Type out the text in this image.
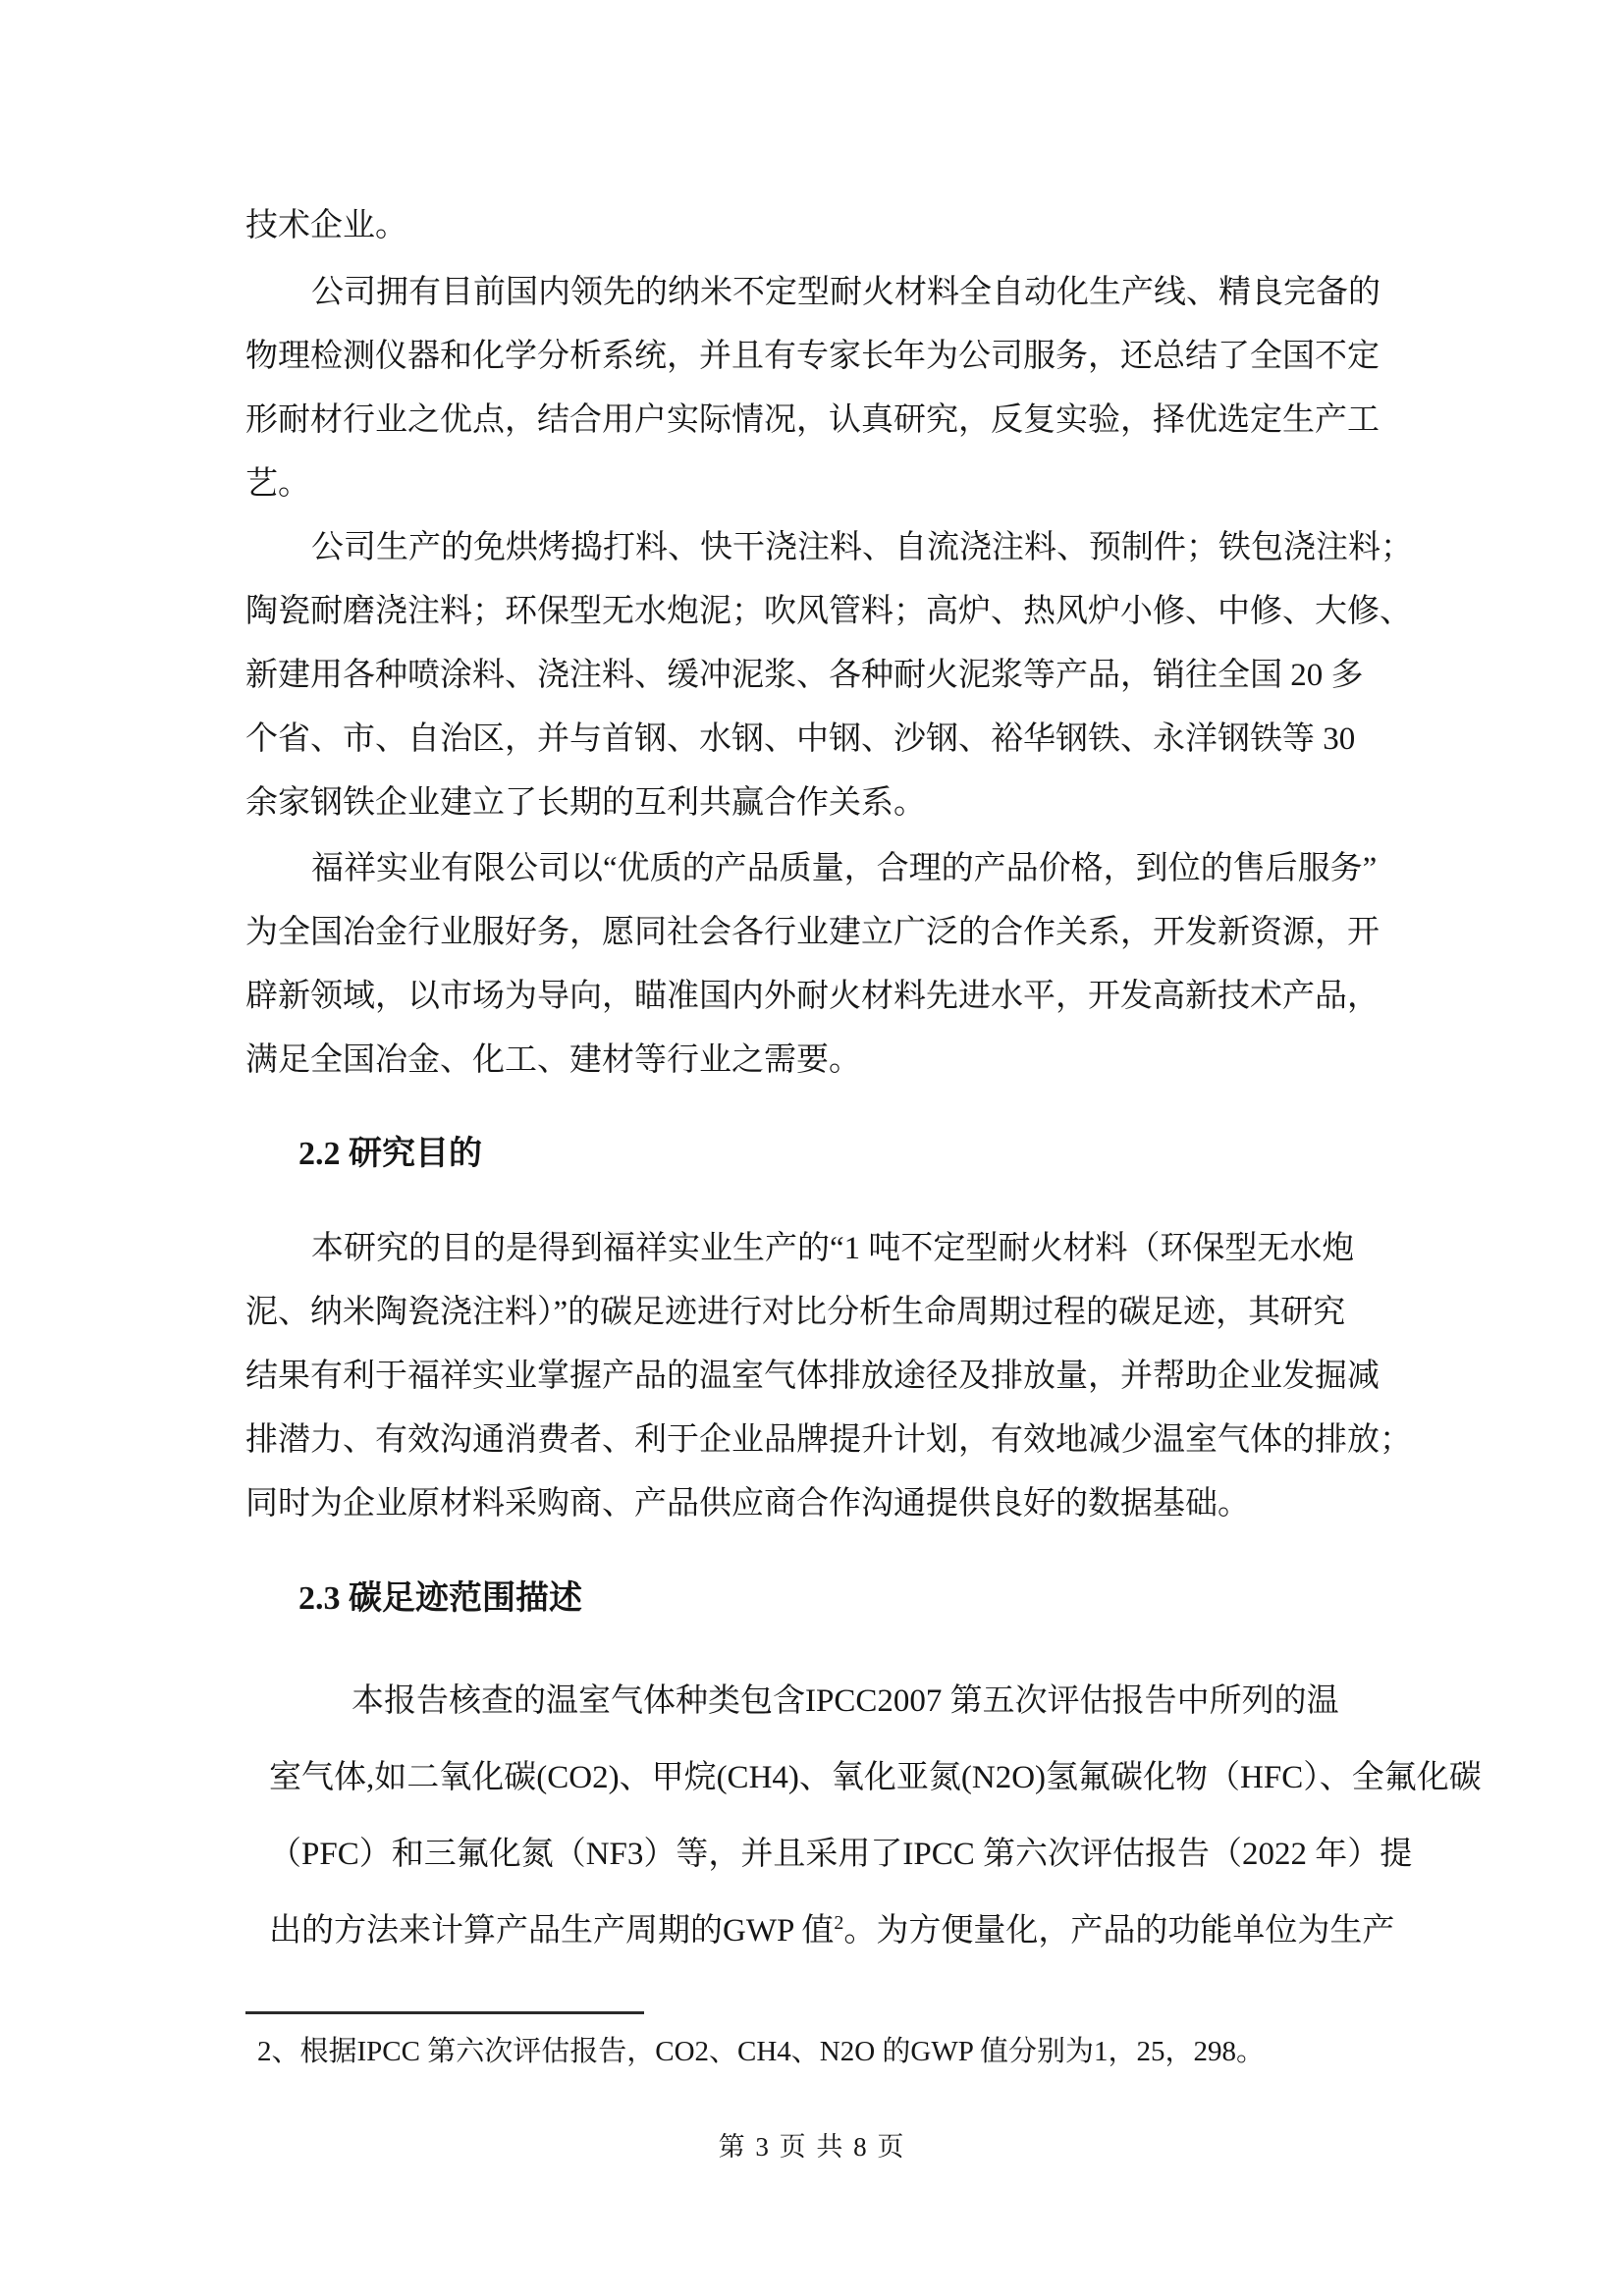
技术企业。
公司拥有目前国内领先的纳米不定型耐火材料全自动化生产线、精良完备的
物理检测仪器和化学分析系统，并且有专家长年为公司服务，还总结了全国不定
形耐材行业之优点，结合用户实际情况，认真研究，反复实验，择优选定生产工
艺。
公司生产的免烘烤捣打料、快干浇注料、自流浇注料、预制件；铁包浇注料；
陶瓷耐磨浇注料；环保型无水炮泥；吹风管料；高炉、热风炉小修、中修、大修、
新建用各种喷涂料、浇注料、缓冲泥浆、各种耐火泥浆等产品，销往全国 20 多
个省、市、自治区，并与首钢、水钢、中钢、沙钢、裕华钢铁、永洋钢铁等 30
余家钢铁企业建立了长期的互利共赢合作关系。
福祥实业有限公司以“优质的产品质量，合理的产品价格，到位的售后服务”
为全国冶金行业服好务，愿同社会各行业建立广泛的合作关系，开发新资源，开
辟新领域，以市场为导向，瞄准国内外耐火材料先进水平，开发高新技术产品，
满足全国冶金、化工、建材等行业之需要。
2.2 研究目的
本研究的目的是得到福祥实业生产的“1 吨不定型耐火材料（环保型无水炮
泥、纳米陶瓷浇注料）”的碳足迹进行对比分析生命周期过程的碳足迹，其研究
结果有利于福祥实业掌握产品的温室气体排放途径及排放量，并帮助企业发掘减
排潜力、有效沟通消费者、利于企业品牌提升计划，有效地减少温室气体的排放；
同时为企业原材料采购商、产品供应商合作沟通提供良好的数据基础。
2.3 碳足迹范围描述
本报告核查的温室气体种类包含IPCC2007 第五次评估报告中所列的温
室气体,如二氧化碳(CO2)、甲烷(CH4)、氧化亚氮(N2O)氢氟碳化物（HFC）、全氟化碳
（PFC）和三氟化氮（NF3）等，并且采用了IPCC 第六次评估报告（2022 年）提
出的方法来计算产品生产周期的GWP 值$^2$。为方便量化，产品的功能单位为生产
2、根据IPCC 第六次评估报告，CO2、CH4、N2O 的GWP 值分别为1，25，298。
第 3 页 共 8 页
